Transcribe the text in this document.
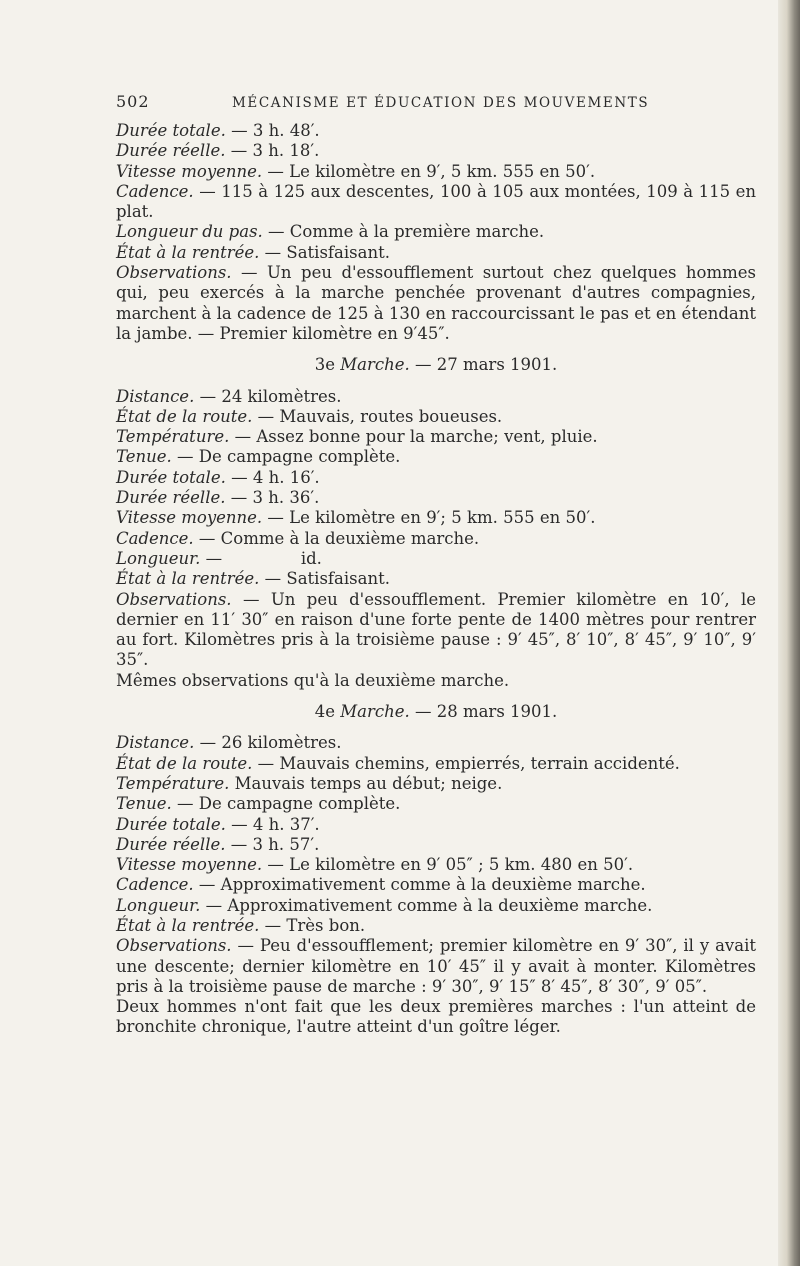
502	MÉCANISME ET ÉDUCATION DES MOUVEMENTS

Durée totale. — 3 h. 48′.

Durée réelle. — 3 h. 18′.

Vitesse moyenne. — Le kilomètre en 9′, 5 km. 555 en 50′.

Cadence. — 115 à 125 aux descentes, 100 à 105 aux montées, 109 à 115 en plat.

Longueur du pas. — Comme à la première marche.

État à la rentrée. — Satisfaisant.

Observations. — Un peu d'essoufflement surtout chez quelques hommes qui, peu exercés à la marche penchée provenant d'autres compagnies, marchent à la cadence de 125 à 130 en raccourcissant le pas et en étendant la jambe. — Premier kilomètre en 9′45″.

3e Marche. — 27 mars 1901.

Distance. — 24 kilomètres.

État de la route. — Mauvais, routes boueuses.

Température. — Assez bonne pour la marche; vent, pluie.

Tenue. — De campagne complète.

Durée totale. — 4 h. 16′.

Durée réelle. — 3 h. 36′.

Vitesse moyenne. — Le kilomètre en 9′; 5 km. 555 en 50′.

Cadence. — Comme à la deuxième marche.

Longueur. —               id.

État à la rentrée. — Satisfaisant.

Observations. — Un peu d'essoufflement. Premier kilomètre en 10′, le dernier en 11′ 30″ en raison d'une forte pente de 1400 mètres pour rentrer au fort. Kilomètres pris à la troisième pause : 9′ 45″, 8′ 10″, 8′ 45″, 9′ 10″, 9′ 35″.

Mêmes observations qu'à la deuxième marche.

4e Marche. — 28 mars 1901.

Distance. — 26 kilomètres.

État de la route. — Mauvais chemins, empierrés, terrain accidenté.

Température. Mauvais temps au début; neige.

Tenue. — De campagne complète.

Durée totale. — 4 h. 37′.

Durée réelle. — 3 h. 57′.

Vitesse moyenne. — Le kilomètre en 9′ 05″ ; 5 km. 480 en 50′.

Cadence. — Approximativement comme à la deuxième marche.

Longueur. — Approximativement comme à la deuxième marche.

État à la rentrée. — Très bon.

Observations. — Peu d'essoufflement; premier kilomètre en 9′ 30″, il y avait une descente; dernier kilomètre en 10′ 45″ il y avait à monter. Kilomètres pris à la troisième pause de marche : 9′ 30″, 9′ 15″ 8′ 45″, 8′ 30″, 9′ 05″.

Deux hommes n'ont fait que les deux premières marches : l'un atteint de bronchite chronique, l'autre atteint d'un goître léger.
